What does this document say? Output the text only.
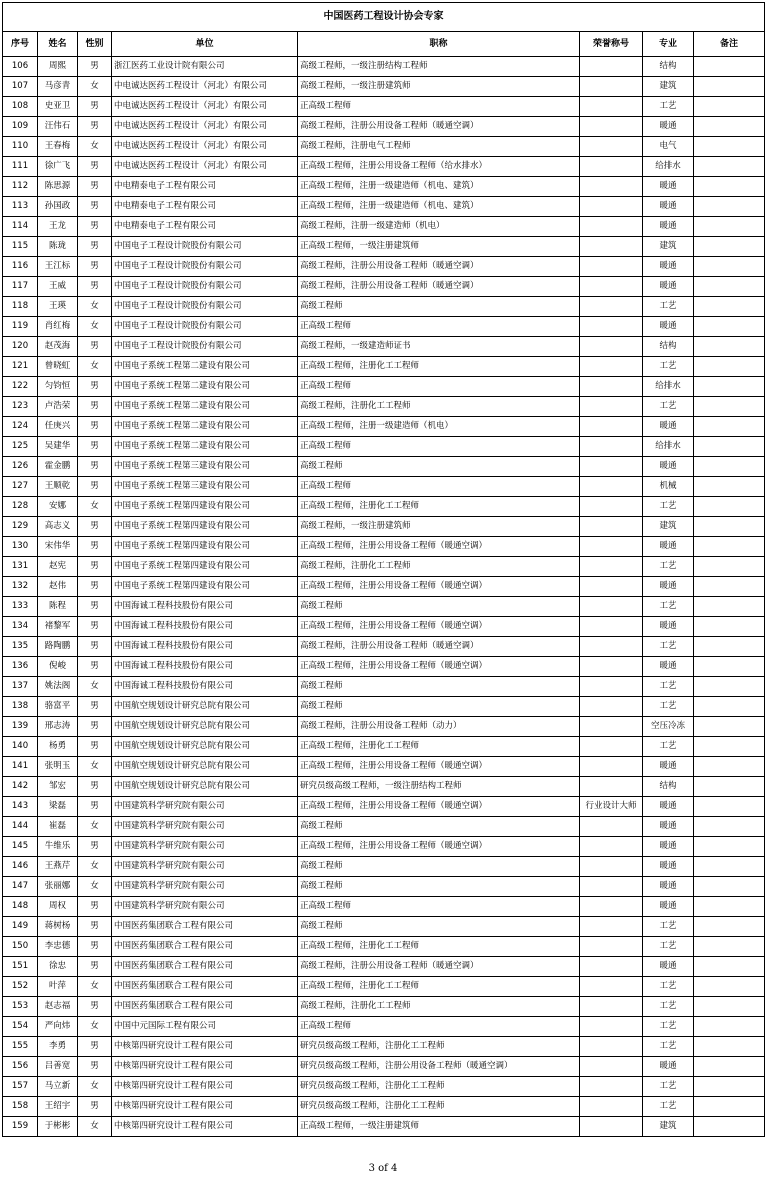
中国医药工程设计协会专家							
序号	姓名	性别	单位	职称	荣誉称号	专业	备注
106	周熙	男	浙江医药工业设计院有限公司	高级工程师，一级注册结构工程师		结构	
107	马彦青	女	中电诚达医药工程设计（河北）有限公司	高级工程师，一级注册建筑师		建筑	
108	史亚卫	男	中电诚达医药工程设计（河北）有限公司	正高级工程师		工艺	
109	汪伟石	男	中电诚达医药工程设计（河北）有限公司	高级工程师，注册公用设备工程师（暖通空调）		暖通	
110	王春梅	女	中电诚达医药工程设计（河北）有限公司	高级工程师，注册电气工程师		电气	
111	徐广飞	男	中电诚达医药工程设计（河北）有限公司	正高级工程师，注册公用设备工程师（给水排水）		给排水	
112	陈思源	男	中电精泰电子工程有限公司	正高级工程师，注册一级建造师（机电、建筑）		暖通	
113	孙国政	男	中电精泰电子工程有限公司	正高级工程师，注册一级建造师（机电、建筑）		暖通	
114	王龙	男	中电精泰电子工程有限公司	高级工程师，注册一级建造师（机电）		暖通	
115	陈珑	男	中国电子工程设计院股份有限公司	正高级工程师，一级注册建筑师		建筑	
116	王江标	男	中国电子工程设计院股份有限公司	高级工程师，注册公用设备工程师（暖通空调）		暖通	
117	王威	男	中国电子工程设计院股份有限公司	高级工程师，注册公用设备工程师（暖通空调）		暖通	
118	王瑛	女	中国电子工程设计院股份有限公司	高级工程师		工艺	
119	肖红梅	女	中国电子工程设计院股份有限公司	正高级工程师		暖通	
120	赵茂海	男	中国电子工程设计院股份有限公司	高级工程师，一级建造师证书		结构	
121	曾晓虹	女	中国电子系统工程第二建设有限公司	正高级工程师，注册化工工程师		工艺	
122	匀钧恒	男	中国电子系统工程第二建设有限公司	正高级工程师		给排水	
123	卢浩荣	男	中国电子系统工程第二建设有限公司	高级工程师，注册化工工程师		工艺	
124	任庚兴	男	中国电子系统工程第二建设有限公司	正高级工程师，注册一级建造师（机电）		暖通	
125	吴建华	男	中国电子系统工程第二建设有限公司	正高级工程师		给排水	
126	霍金鹏	男	中国电子系统工程第三建设有限公司	高级工程师		暖通	
127	王顺乾	男	中国电子系统工程第三建设有限公司	正高级工程师		机械	
128	安娜	女	中国电子系统工程第四建设有限公司	正高级工程师，注册化工工程师		工艺	
129	高志义	男	中国电子系统工程第四建设有限公司	高级工程师，一级注册建筑师		建筑	
130	宋伟华	男	中国电子系统工程第四建设有限公司	正高级工程师，注册公用设备工程师（暖通空调）		暖通	
131	赵宪	男	中国电子系统工程第四建设有限公司	高级工程师，注册化工工程师		工艺	
132	赵伟	男	中国电子系统工程第四建设有限公司	正高级工程师，注册公用设备工程师（暖通空调）		暖通	
133	陈程	男	中国海诚工程科技股份有限公司	高级工程师		工艺	
134	褚黎军	男	中国海诚工程科技股份有限公司	正高级工程师，注册公用设备工程师（暖通空调）		暖通	
135	路陶鹏	男	中国海诚工程科技股份有限公司	高级工程师，注册公用设备工程师（暖通空调）		工艺	
136	倪峻	男	中国海诚工程科技股份有限公司	正高级工程师，注册公用设备工程师（暖通空调）		暖通	
137	姚法阁	女	中国海诚工程科技股份有限公司	高级工程师		工艺	
138	骆富平	男	中国航空规划设计研究总院有限公司	高级工程师		工艺	
139	邢志涛	男	中国航空规划设计研究总院有限公司	高级工程师，注册公用设备工程师（动力）		空压冷冻	
140	杨勇	男	中国航空规划设计研究总院有限公司	正高级工程师，注册化工工程师		工艺	
141	张明玉	女	中国航空规划设计研究总院有限公司	正高级工程师，注册公用设备工程师（暖通空调）		暖通	
142	邹宏	男	中国航空规划设计研究总院有限公司	研究员级高级工程师，一级注册结构工程师		结构	
143	梁磊	男	中国建筑科学研究院有限公司	正高级工程师，注册公用设备工程师（暖通空调）	行业设计大师	暖通	
144	崔磊	女	中国建筑科学研究院有限公司	高级工程师		暖通	
145	牛维乐	男	中国建筑科学研究院有限公司	正高级工程师，注册公用设备工程师（暖通空调）		暖通	
146	王燕芹	女	中国建筑科学研究院有限公司	高级工程师		暖通	
147	张丽娜	女	中国建筑科学研究院有限公司	高级工程师		暖通	
148	周权	男	中国建筑科学研究院有限公司	正高级工程师		暖通	
149	蒋树杨	男	中国医药集团联合工程有限公司	高级工程师		工艺	
150	李忠德	男	中国医药集团联合工程有限公司	正高级工程师，注册化工工程师		工艺	
151	徐忠	男	中国医药集团联合工程有限公司	高级工程师，注册公用设备工程师（暖通空调）		暖通	
152	叶萍	女	中国医药集团联合工程有限公司	正高级工程师，注册化工工程师		工艺	
153	赵志福	男	中国医药集团联合工程有限公司	高级工程师，注册化工工程师		工艺	
154	严向炜	女	中国中元国际工程有限公司	正高级工程师		工艺	
155	李勇	男	中核第四研究设计工程有限公司	研究员级高级工程师，注册化工工程师		工艺	
156	吕善宽	男	中核第四研究设计工程有限公司	研究员级高级工程师，注册公用设备工程师（暖通空调）		暖通	
157	马立新	女	中核第四研究设计工程有限公司	研究员级高级工程师，注册化工工程师		工艺	
158	王绍宇	男	中核第四研究设计工程有限公司	研究员级高级工程师，注册化工工程师		工艺	
159	于彬彬	女	中核第四研究设计工程有限公司	正高级工程师，一级注册建筑师		建筑	
3 of 4
